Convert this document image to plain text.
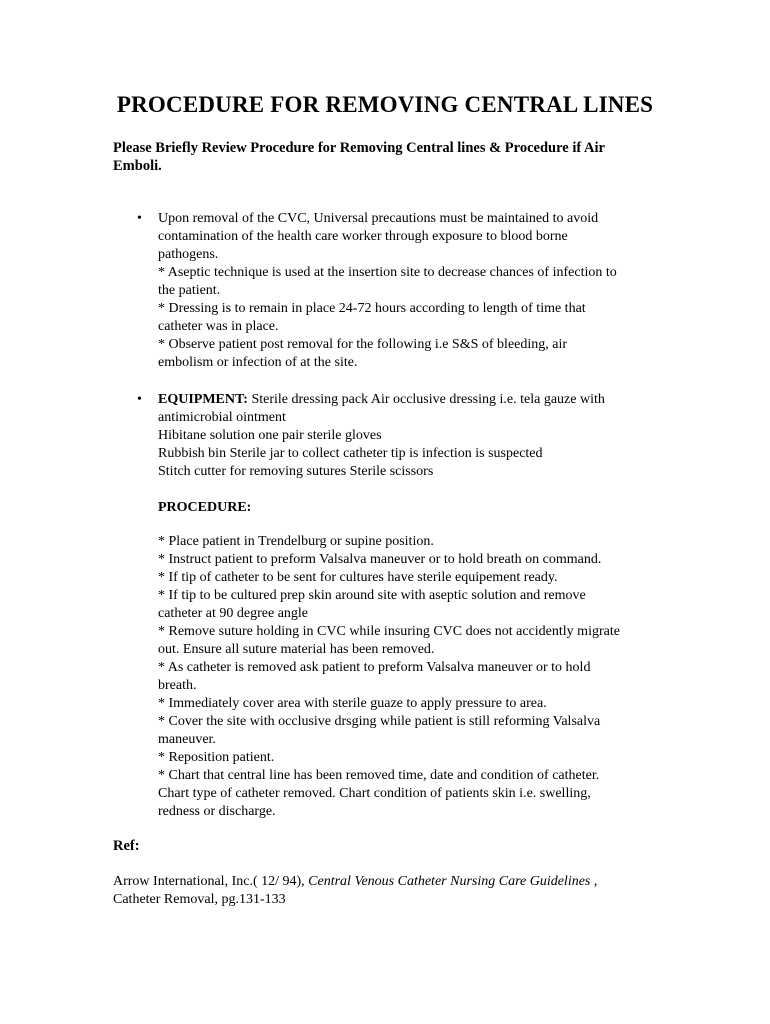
PROCEDURE FOR REMOVING CENTRAL LINES
Please Briefly Review Procedure for Removing Central lines & Procedure if Air
Emboli.
• Upon removal of the CVC, Universal precautions must be maintained to avoid
contamination of the health care worker through exposure to blood borne
pathogens.
* Aseptic technique is used at the insertion site to decrease chances of infection to
the patient.
* Dressing is to remain in place 24-72 hours according to length of time that
catheter was in place.
* Observe patient post removal for the following i.e S&S of bleeding, air
embolism or infection of at the site.
• EQUIPMENT: Sterile dressing pack Air occlusive dressing i.e. tela gauze with
antimicrobial ointment
Hibitane solution one pair sterile gloves
Rubbish bin Sterile jar to collect catheter tip is infection is suspected
Stitch cutter for removing sutures Sterile scissors
PROCEDURE:
* Place patient in Trendelburg or supine position.
* Instruct patient to preform Valsalva maneuver or to hold breath on command.
* If tip of catheter to be sent for cultures have sterile equipement ready.
* If tip to be cultured prep skin around site with aseptic solution and remove
catheter at 90 degree angle
* Remove suture holding in CVC while insuring CVC does not accidently migrate
out. Ensure all suture material has been removed.
* As catheter is removed ask patient to preform Valsalva maneuver or to hold
breath.
* Immediately cover area with sterile guaze to apply pressure to area.
* Cover the site with occlusive drsging while patient is still reforming Valsalva
maneuver.
* Reposition patient.
* Chart that central line has been removed time, date and condition of catheter.
Chart type of catheter removed. Chart condition of patients skin i.e. swelling,
redness or discharge.
Ref:
Arrow International, Inc.( 12/ 94), Central Venous Catheter Nursing Care Guidelines ,
Catheter Removal, pg.131-133
